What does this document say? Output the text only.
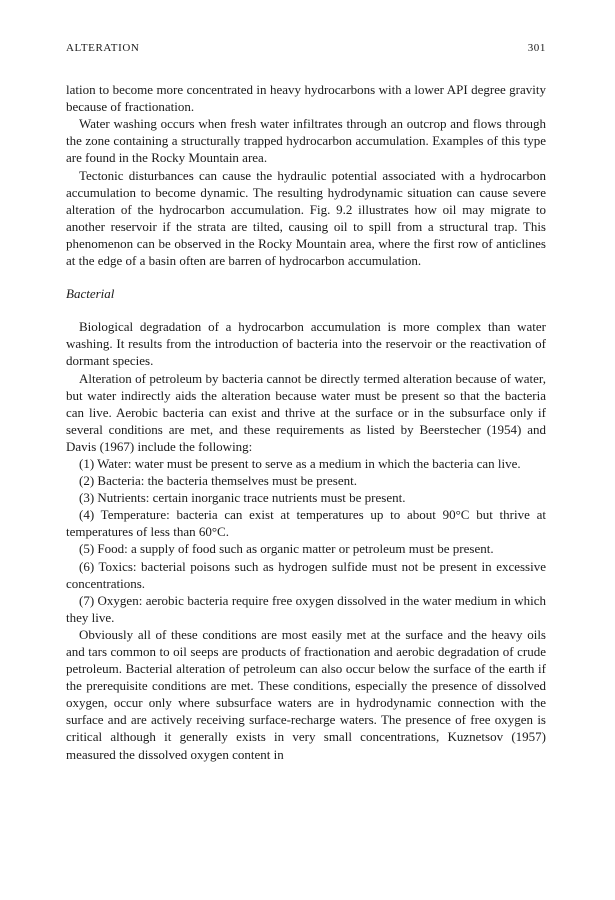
ALTERATION	301

lation to become more concentrated in heavy hydrocarbons with a lower API degree gravity because of fractionation.

Water washing occurs when fresh water infiltrates through an outcrop and flows through the zone containing a structurally trapped hydrocarbon accumulation. Examples of this type are found in the Rocky Mountain area.

Tectonic disturbances can cause the hydraulic potential associated with a hydrocarbon accumulation to become dynamic. The resulting hydrodynamic situation can cause severe alteration of the hydrocarbon accumulation. Fig. 9.2 illustrates how oil may migrate to another reservoir if the strata are tilted, causing oil to spill from a structural trap. This phenomenon can be observed in the Rocky Mountain area, where the first row of anticlines at the edge of a basin often are barren of hydrocarbon accumulation.

Bacterial

Biological degradation of a hydrocarbon accumulation is more complex than water washing. It results from the introduction of bacteria into the reservoir or the reactivation of dormant species.

Alteration of petroleum by bacteria cannot be directly termed alteration because of water, but water indirectly aids the alteration because water must be present so that the bacteria can live. Aerobic bacteria can exist and thrive at the surface or in the subsurface only if several conditions are met, and these requirements as listed by Beerstecher (1954) and Davis (1967) include the following:

(1) Water: water must be present to serve as a medium in which the bacteria can live.

(2) Bacteria: the bacteria themselves must be present.

(3) Nutrients: certain inorganic trace nutrients must be present.

(4) Temperature: bacteria can exist at temperatures up to about 90°C but thrive at temperatures of less than 60°C.

(5) Food: a supply of food such as organic matter or petroleum must be present.

(6) Toxics: bacterial poisons such as hydrogen sulfide must not be present in excessive concentrations.

(7) Oxygen: aerobic bacteria require free oxygen dissolved in the water medium in which they live.

Obviously all of these conditions are most easily met at the surface and the heavy oils and tars common to oil seeps are products of fractionation and aerobic degradation of crude petroleum. Bacterial alteration of petroleum can also occur below the surface of the earth if the prerequisite conditions are met. These conditions, especially the presence of dissolved oxygen, occur only where subsurface waters are in hydrodynamic connection with the surface and are actively receiving surface-recharge waters. The presence of free oxygen is critical although it generally exists in very small concentrations, Kuznetsov (1957) measured the dissolved oxygen content in
